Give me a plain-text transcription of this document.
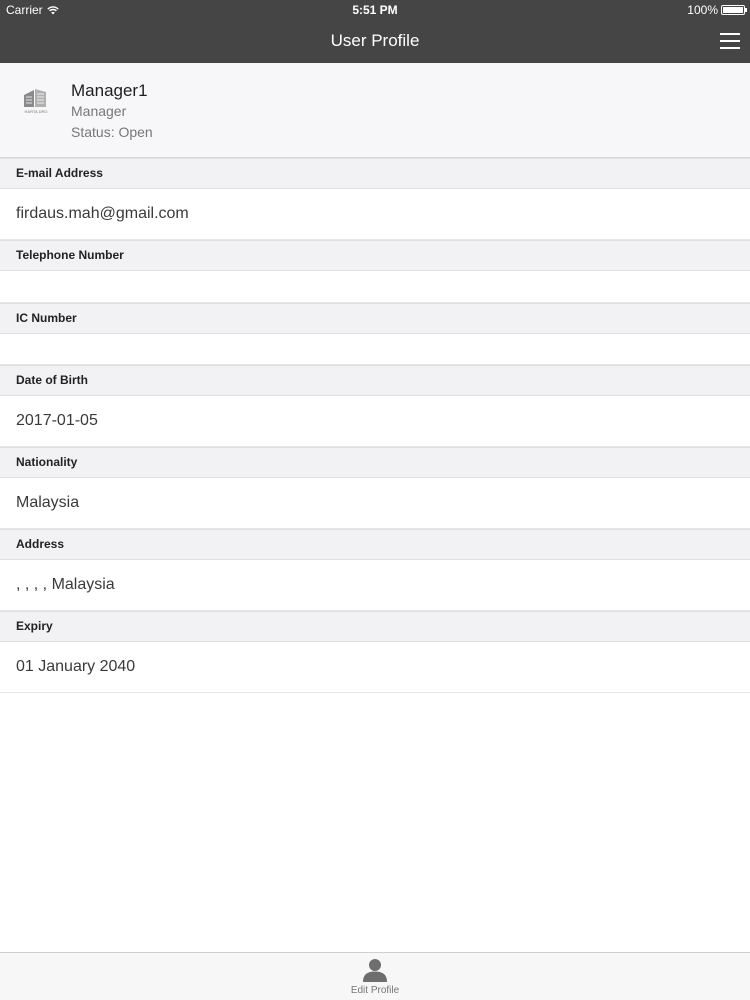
Carrier	5:51 PM	100%
User Profile
HARTA DRG
Manager1
Manager
Status: Open
E-mail Address
firdaus.mah@gmail.com
Telephone Number
IC Number
Date of Birth
2017-01-05
Nationality
Malaysia
Address
, , , , Malaysia
Expiry
01 January 2040
Edit Profile
